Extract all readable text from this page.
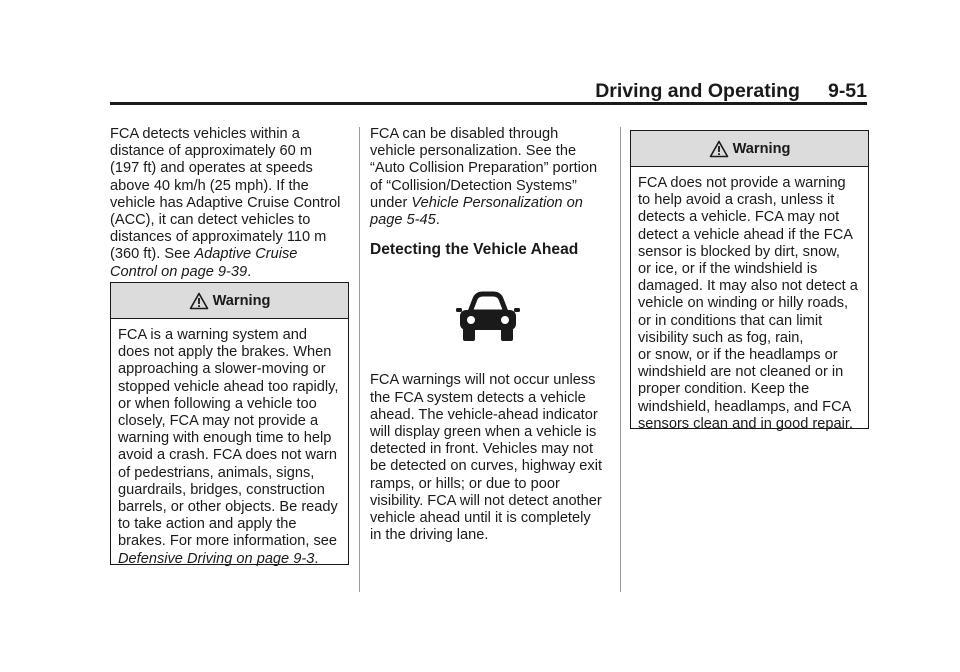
Driving and Operating 9-51

FCA detects vehicles within a
distance of approximately 60 m
(197 ft) and operates at speeds
above 40 km/h (25 mph). If the
vehicle has Adaptive Cruise Control
(ACC), it can detect vehicles to
distances of approximately 110 m
(360 ft). See Adaptive Cruise
Control on page 9-39.

Warning
FCA is a warning system and
does not apply the brakes. When
approaching a slower-moving or
stopped vehicle ahead too rapidly,
or when following a vehicle too
closely, FCA may not provide a
warning with enough time to help
avoid a crash. FCA does not warn
of pedestrians, animals, signs,
guardrails, bridges, construction
barrels, or other objects. Be ready
to take action and apply the
brakes. For more information, see
Defensive Driving on page 9-3.

FCA can be disabled through
vehicle personalization. See the
“Auto Collision Preparation” portion
of “Collision/Detection Systems”
under Vehicle Personalization on
page 5-45.

Detecting the Vehicle Ahead

FCA warnings will not occur unless
the FCA system detects a vehicle
ahead. The vehicle-ahead indicator
will display green when a vehicle is
detected in front. Vehicles may not
be detected on curves, highway exit
ramps, or hills; or due to poor
visibility. FCA will not detect another
vehicle ahead until it is completely
in the driving lane.

Warning
FCA does not provide a warning
to help avoid a crash, unless it
detects a vehicle. FCA may not
detect a vehicle ahead if the FCA
sensor is blocked by dirt, snow,
or ice, or if the windshield is
damaged. It may also not detect a
vehicle on winding or hilly roads,
or in conditions that can limit
visibility such as fog, rain,
or snow, or if the headlamps or
windshield are not cleaned or in
proper condition. Keep the
windshield, headlamps, and FCA
sensors clean and in good repair.
